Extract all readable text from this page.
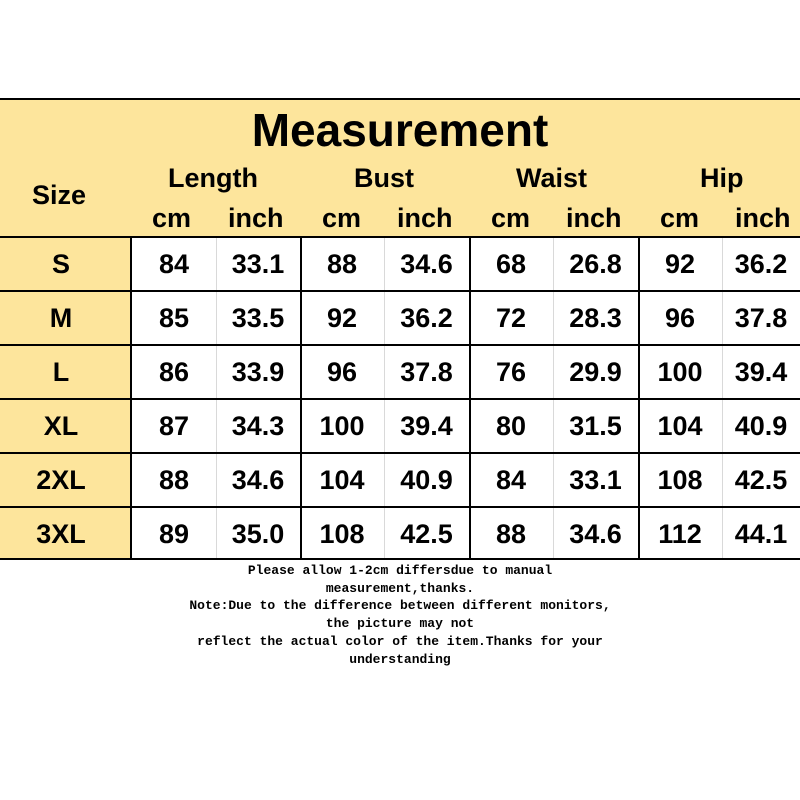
Measurement
Size
Length	Bust	Waist	Hip
cm inch cm inch cm inch cm inch
S	84	33.1	88	34.6	68	26.8	92	36.2
M	85	33.5	92	36.2	72	28.3	96	37.8
L	86	33.9	96	37.8	76	29.9	100	39.4
XL	87	34.3	100	39.4	80	31.5	104	40.9
2XL	88	34.6	104	40.9	84	33.1	108	42.5
3XL	89	35.0	108	42.5	88	34.6	112	44.1
Please allow 1-2cm differsdue to manual
measurement,thanks.
Note:Due to the difference between different monitors,
the picture may not
reflect the actual color of the item.Thanks for your
understanding
